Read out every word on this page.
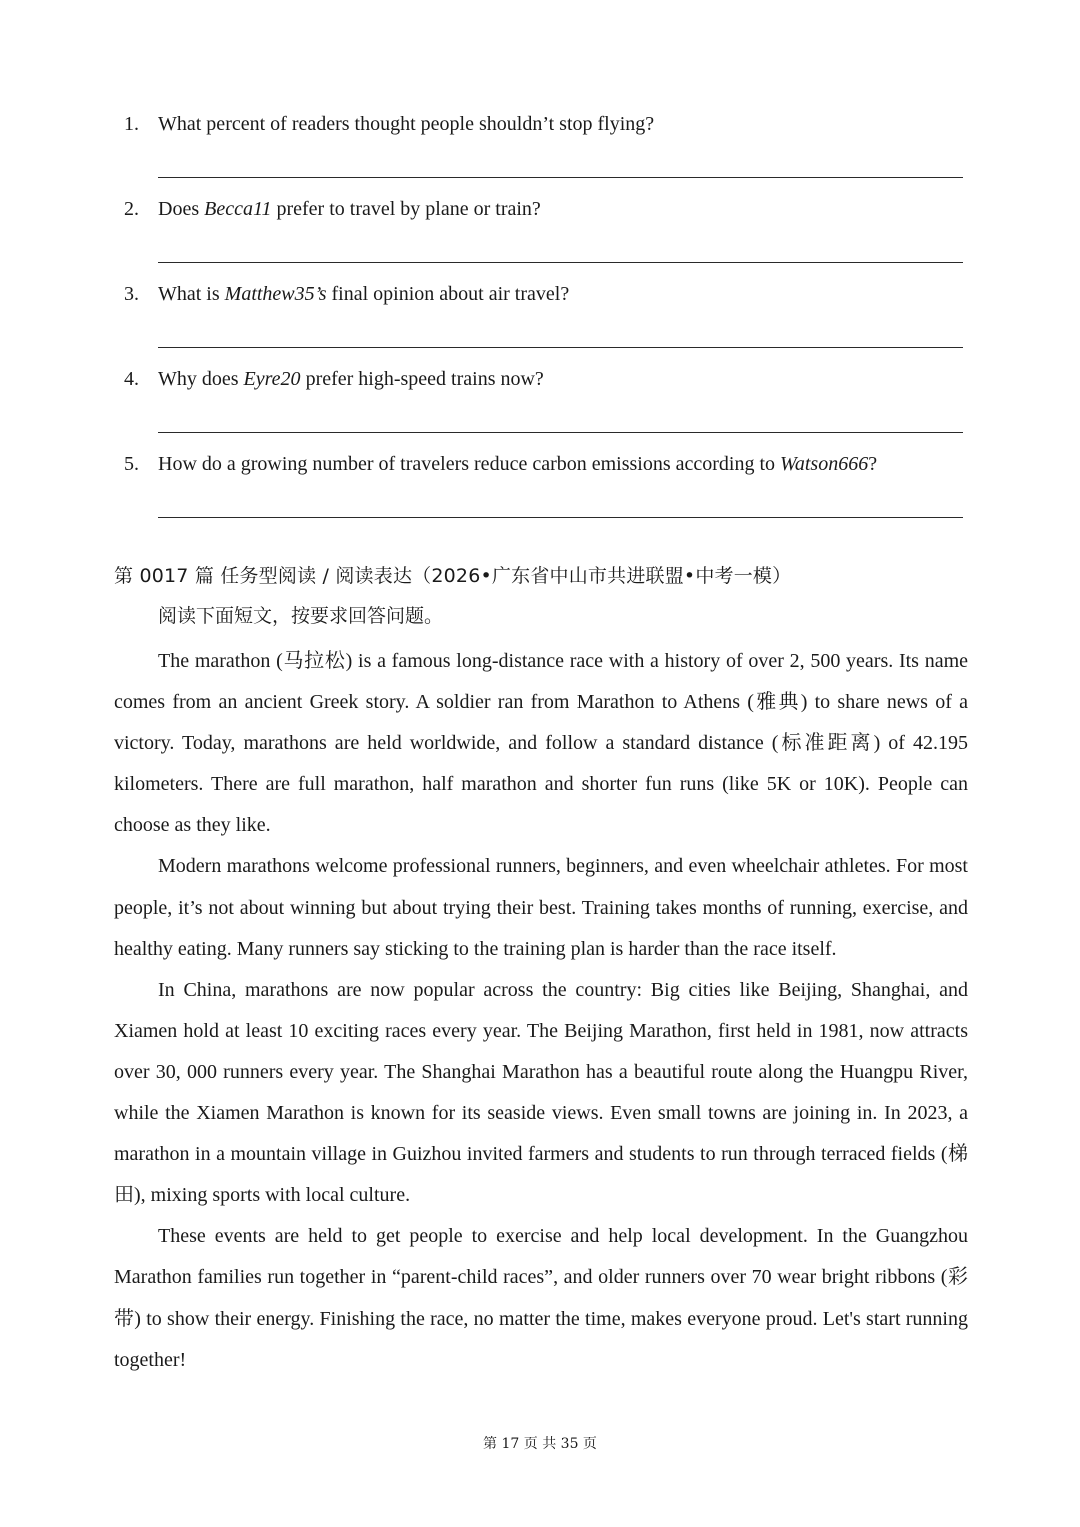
1. What percent of readers thought people shouldn’t stop flying?
2. Does Becca11 prefer to travel by plane or train?
3. What is Matthew35’s final opinion about air travel?
4. Why does Eyre20 prefer high-speed trains now?
5. How do a growing number of travelers reduce carbon emissions according to Watson666?
第 0017 篇 任务型阅读 / 阅读表达（2026•广东省中山市共进联盟•中考一模）
阅读下面短文，按要求回答问题。

The marathon (马拉松) is a famous long-distance race with a history of over 2, 500 years. Its name comes from an ancient Greek story. A soldier ran from Marathon to Athens (雅典) to share news of a victory. Today, marathons are held worldwide, and follow a standard distance (标准距离) of 42.195 kilometers. There are full marathon, half marathon and shorter fun runs (like 5K or 10K). People can choose as they like.

Modern marathons welcome professional runners, beginners, and even wheelchair athletes. For most people, it’s not about winning but about trying their best. Training takes months of running, exercise, and healthy eating. Many runners say sticking to the training plan is harder than the race itself.

In China, marathons are now popular across the country: Big cities like Beijing, Shanghai, and Xiamen hold at least 10 exciting races every year. The Beijing Marathon, first held in 1981, now attracts over 30, 000 runners every year. The Shanghai Marathon has a beautiful route along the Huangpu River, while the Xiamen Marathon is known for its seaside views. Even small towns are joining in. In 2023, a marathon in a mountain village in Guizhou invited farmers and students to run through terraced fields (梯田), mixing sports with local culture.

These events are held to get people to exercise and help local development. In the Guangzhou Marathon families run together in “parent-child races”, and older runners over 70 wear bright ribbons (彩带) to show their energy. Finishing the race, no matter the time, makes everyone proud. Let's start running together!

第 17 页 共 35 页
